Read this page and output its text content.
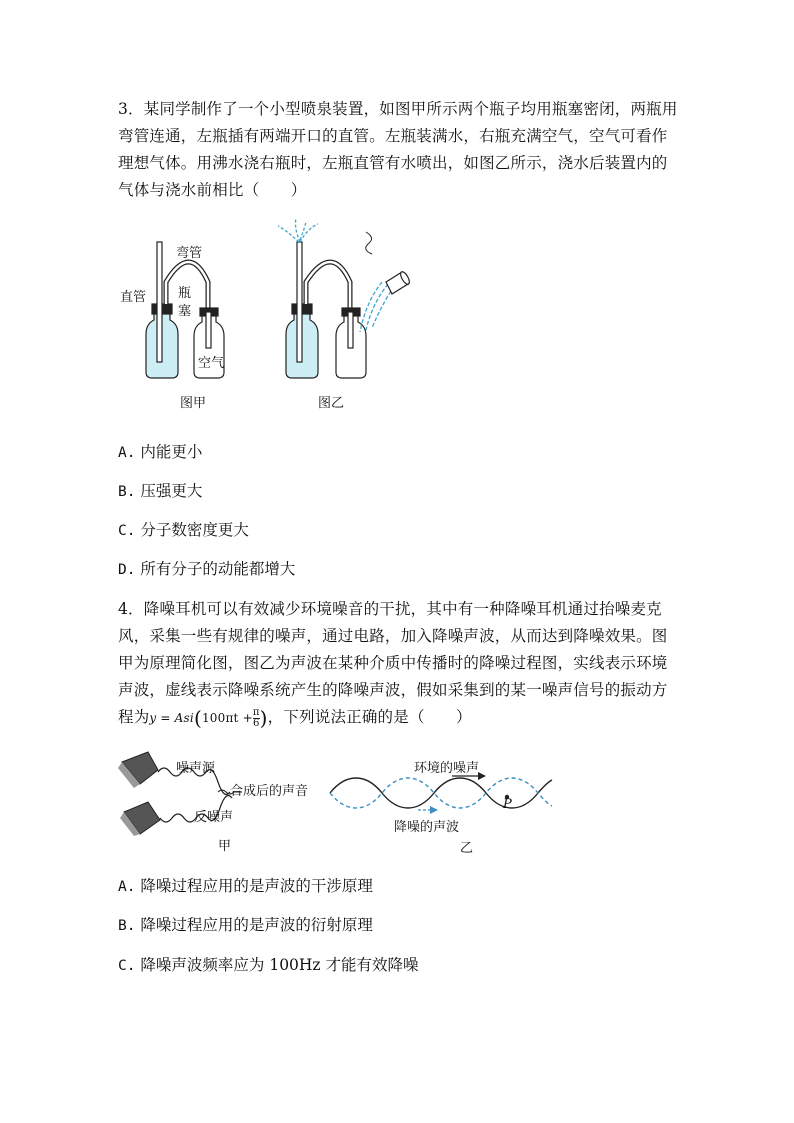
3．某同学制作了一个小型喷泉装置，如图甲所示两个瓶子均用瓶塞密闭，两瓶用弯管连通，左瓶插有两端开口的直管。左瓶装满水，右瓶充满空气，空气可看作理想气体。用沸水浇右瓶时，左瓶直管有水喷出，如图乙所示，浇水后装置内的气体与浇水前相比（　　）
弯管
直管 瓶
塞
空气
图甲	图乙
A. 内能更小
B. 压强更大
C. 分子数密度更大
D. 所有分子的动能都增大
4．降噪耳机可以有效减少环境噪音的干扰，其中有一种降噪耳机通过抬噪麦克风，采集一些有规律的噪声，通过电路，加入降噪声波，从而达到降噪效果。图甲为原理简化图，图乙为声波在某种介质中传播时的降噪过程图，实线表示环境声波，虚线表示降噪系统产生的降噪声波，假如采集到的某一噪声信号的振动方程为$y = Asi(100\pi t + \frac{\pi}{6}$ )，下列说法正确的是（　　）
噪声源
合成后的声音
反噪声
甲
环境的噪声
降噪的声波
P
乙
A. 降噪过程应用的是声波的干涉原理
B. 降噪过程应用的是声波的衍射原理
C. 降噪声波频率应为 100Hz 才能有效降噪
